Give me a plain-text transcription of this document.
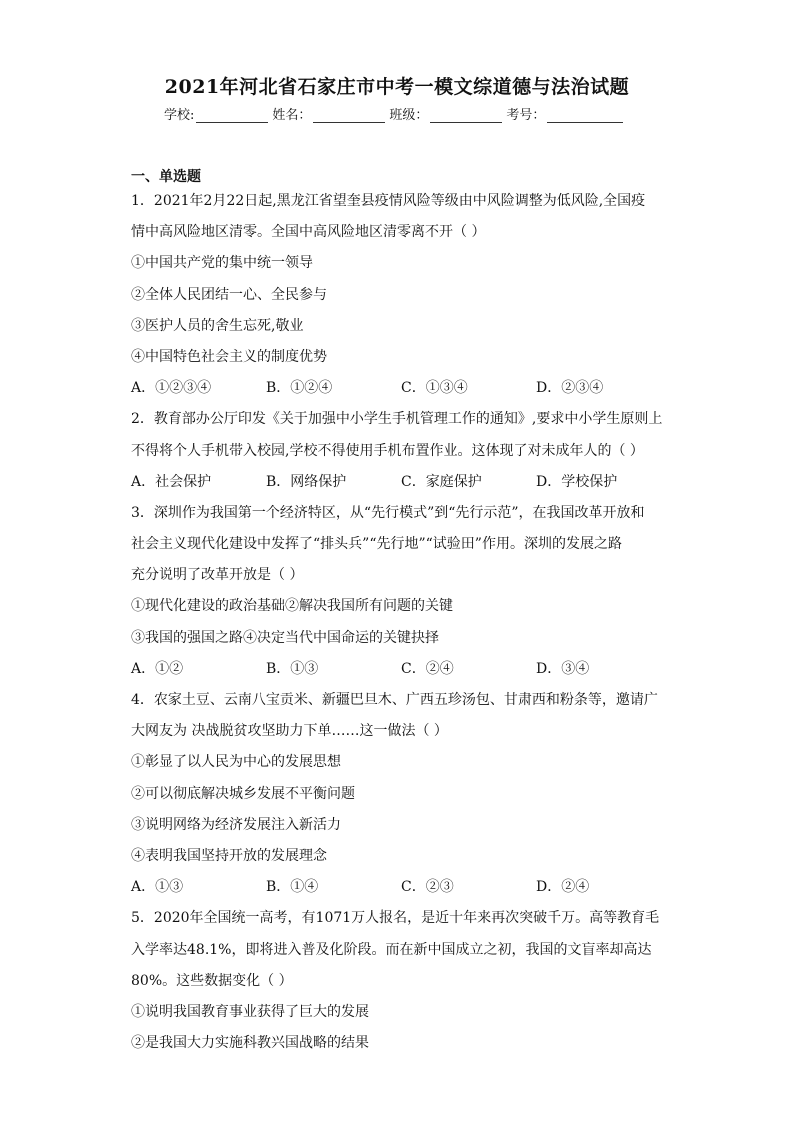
2021年河北省石家庄市中考一模文综道德与法治试题
学校:	姓名：	班级：	考号：
一、单选题
1．2021年2月22日起,黑龙江省望奎县疫情风险等级由中风险调整为低风险,全国疫
情中高风险地区清零。全国中高风险地区清零离不开（ ）
①中国共产党的集中统一领导
②全体人民团结一心、全民参与
③医护人员的舍生忘死,敬业
④中国特色社会主义的制度优势
A．①②③④	B．①②④	C．①③④	D．②③④
2．教育部办公厅印发《关于加强中小学生手机管理工作的通知》,要求中小学生原则上
不得将个人手机带入校园,学校不得使用手机布置作业。这体现了对未成年人的（ ）
A．社会保护	B．网络保护	C．家庭保护	D．学校保护
3．深圳作为我国第一个经济特区，从“先行模式”到“先行示范”，在我国改革开放和
社会主义现代化建设中发挥了“排头兵”“先行地”“试验田”作用。深圳的发展之路
充分说明了改革开放是（ ）
①现代化建设的政治基础②解决我国所有问题的关键
③我国的强国之路④决定当代中国命运的关键抉择
A．①②	B．①③	C．②④	D．③④
4．农家土豆、云南八宝贡米、新疆巴旦木、广西五珍汤包、甘肃西和粉条等，邀请广
大网友为 决战脱贫攻坚助力下单……这一做法（ ）
①彰显了以人民为中心的发展思想
②可以彻底解决城乡发展不平衡问题
③说明网络为经济发展注入新活力
④表明我国坚持开放的发展理念
A．①③	B．①④	C．②③	D．②④
5．2020年全国统一高考，有1071万人报名，是近十年来再次突破千万。高等教育毛
入学率达48.1%，即将进入普及化阶段。而在新中国成立之初，我国的文盲率却高达
80%。这些数据变化（ ）
①说明我国教育事业获得了巨大的发展
②是我国大力实施科教兴国战略的结果
